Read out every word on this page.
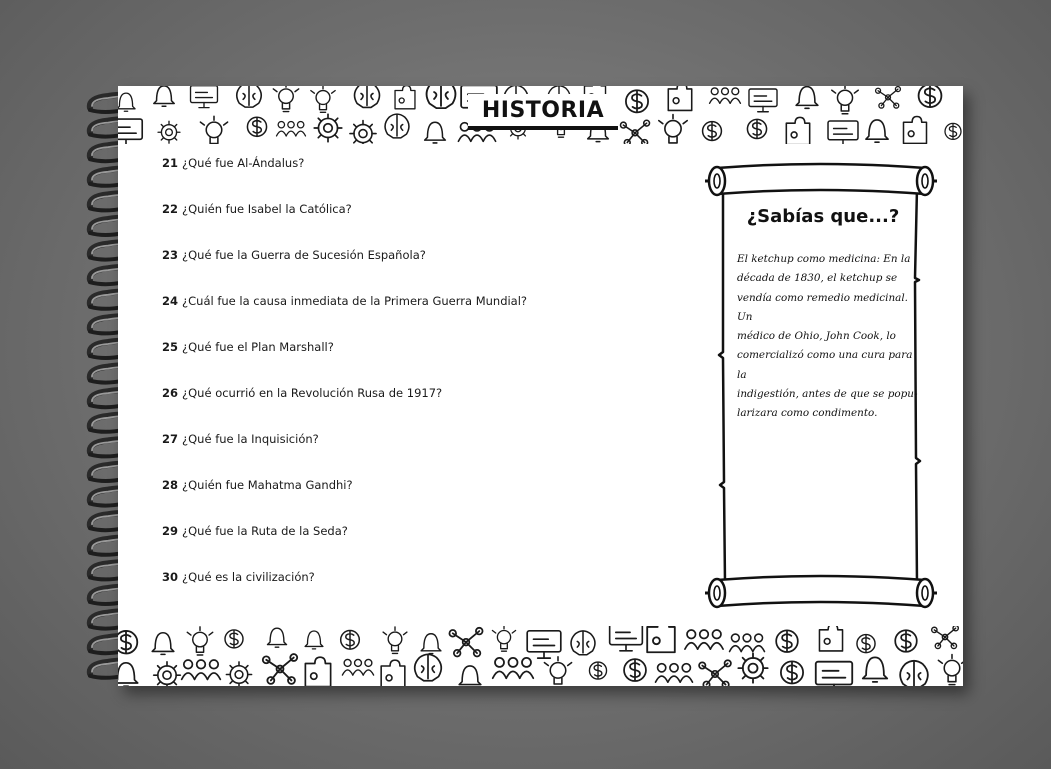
HISTORIA
21 ¿Qué fue Al-Ándalus?
22 ¿Quién fue Isabel la Católica?
23 ¿Qué fue la Guerra de Sucesión Española?
24 ¿Cuál fue la causa inmediata de la Primera Guerra Mundial?
25 ¿Qué fue el Plan Marshall?
26 ¿Qué ocurrió en la Revolución Rusa de 1917?
27 ¿Qué fue la Inquisición?
28 ¿Quién fue Mahatma Gandhi?
29 ¿Qué fue la Ruta de la Seda?
30 ¿Qué es la civilización?
¿Sabías que...?
El ketchup como medicina: En la
década de 1830, el ketchup se
vendía como remedio medicinal. Un
médico de Ohio, John Cook, lo
comercializó como una cura para la
indigestión, antes de que se popu-
larizara como condimento.
